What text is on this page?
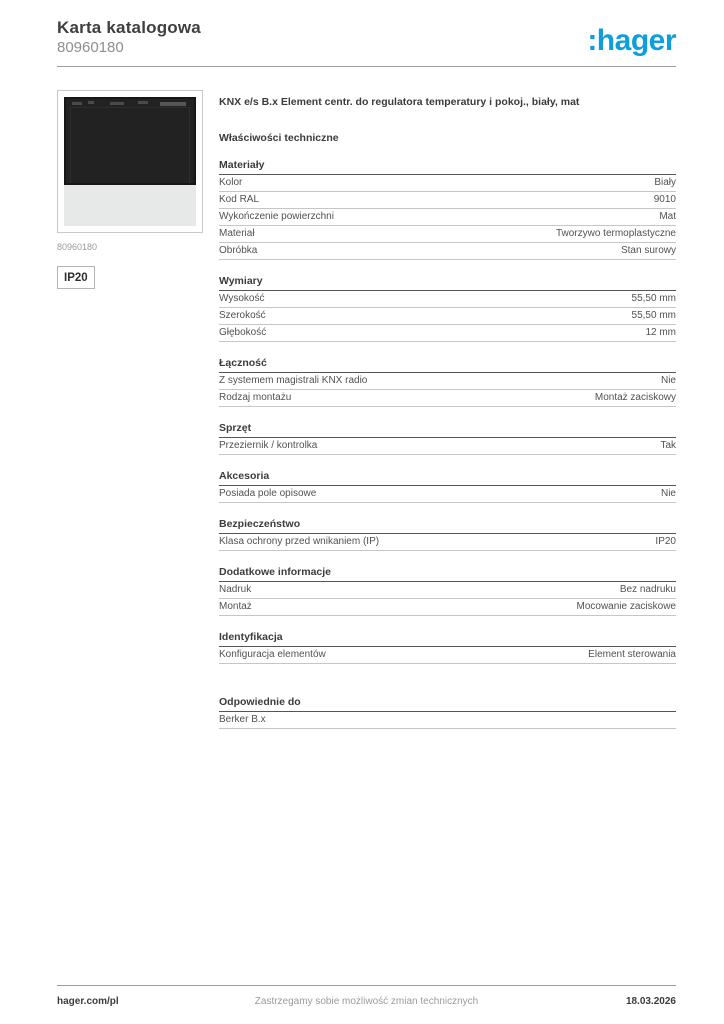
Karta katalogowa
80960180	:hager
80960180
IP20
KNX e/s B.x Element centr. do regulatora temperatury i pokoj., biały, mat
Właściwości techniczne
Materiały
Kolor	Biały
Kod RAL	9010
Wykończenie powierzchni	Mat
Materiał	Tworzywo termoplastyczne
Obróbka	Stan surowy
Wymiary
Wysokość	55,50 mm
Szerokość	55,50 mm
Głębokość	12 mm
Łączność
Z systemem magistrali KNX radio	Nie
Rodzaj montażu	Montaż zaciskowy
Sprzęt
Przeziernik / kontrolka	Tak
Akcesoria
Posiada pole opisowe	Nie
Bezpieczeństwo
Klasa ochrony przed wnikaniem (IP)	IP20
Dodatkowe informacje
Nadruk	Bez nadruku
Montaż	Mocowanie zaciskowe
Identyfikacja
Konfiguracja elementów	Element sterowania
Odpowiednie do
Berker B.x
hager.com/pl	Zastrzegamy sobie możliwość zmian technicznych	18.03.2026
